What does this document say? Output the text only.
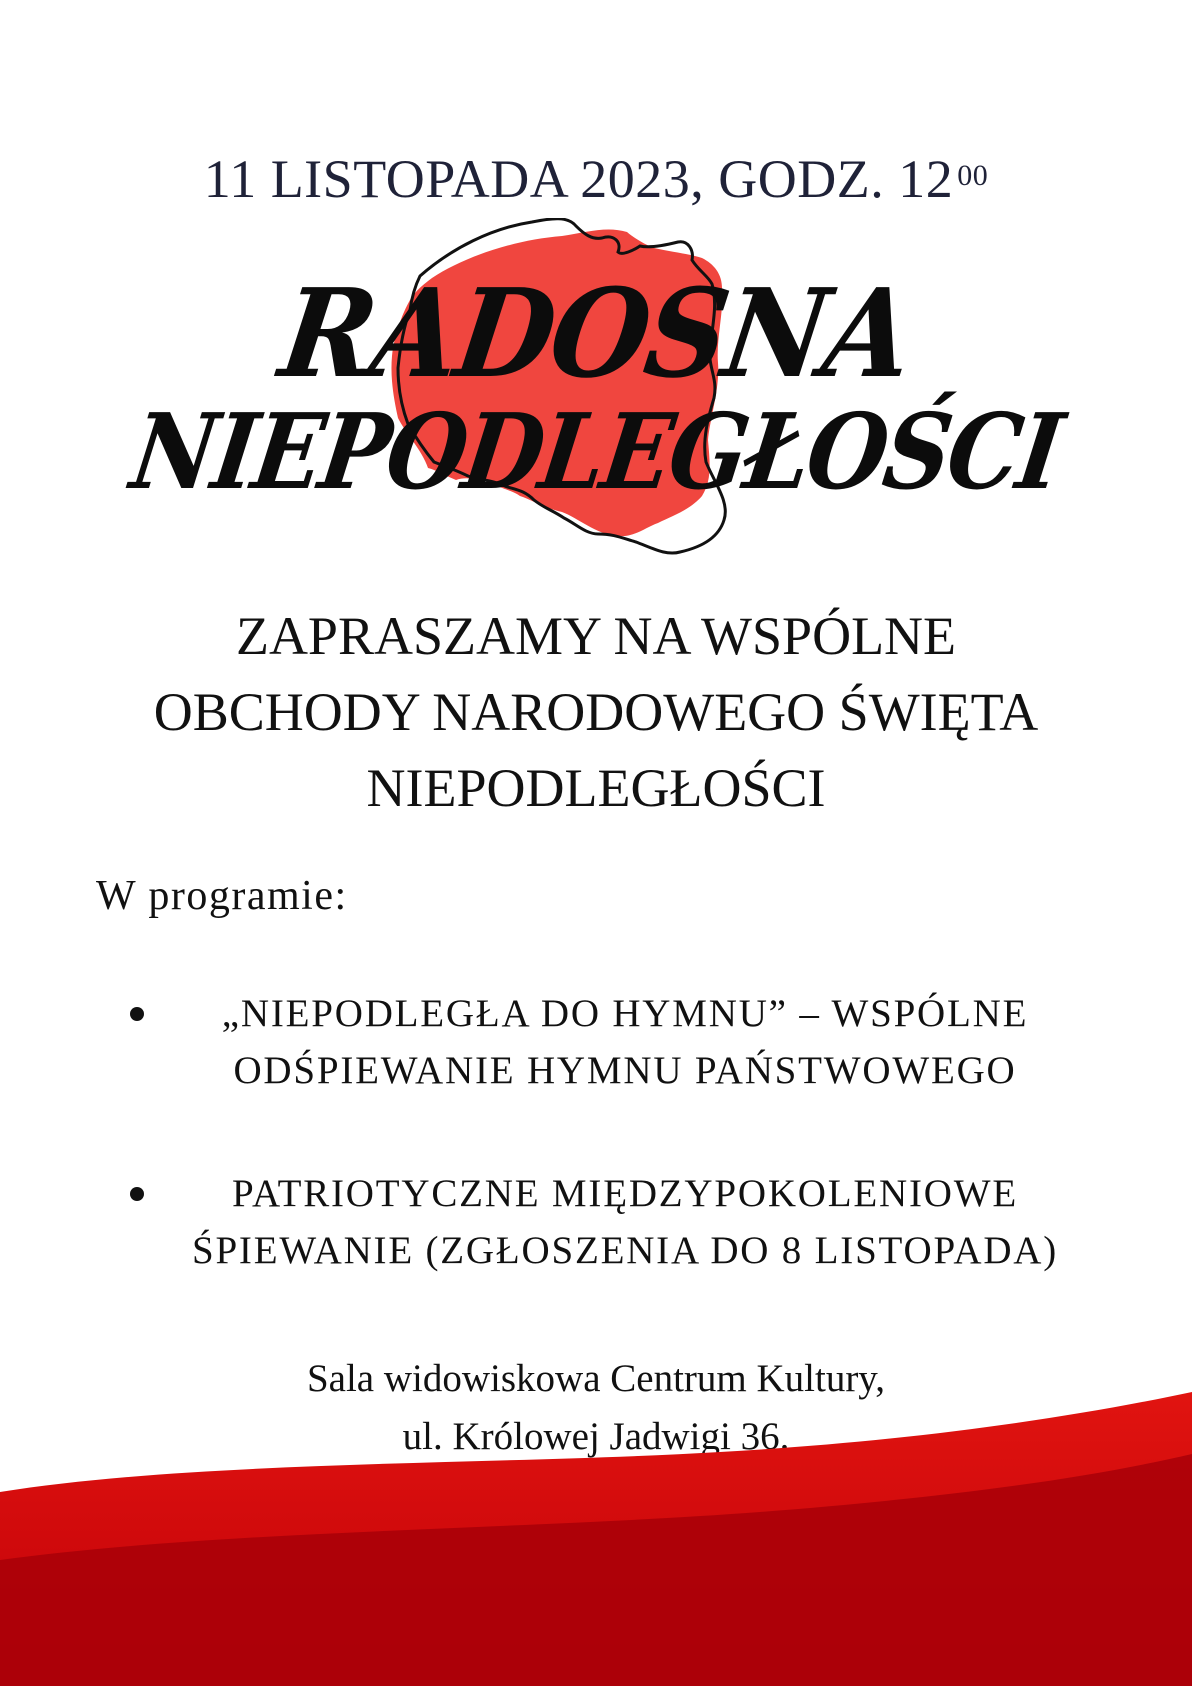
11 LISTOPADA 2023, GODZ. 12 $^{00}$
RADOSNA
NIEPODLEGŁOŚCI
ZAPRASZAMY NA WSPÓLNE
OBCHODY NARODOWEGO ŚWIĘTA
NIEPODLEGŁOŚCI
W programie:
„NIEPODLEGŁA DO HYMNU” – WSPÓLNE
ODŚPIEWANIE HYMNU PAŃSTWOWEGO
PATRIOTYCZNE MIĘDZYPOKOLENIOWE
ŚPIEWANIE (ZGŁOSZENIA DO 8 LISTOPADA)
Sala widowiskowa Centrum Kultury,
ul. Królowej Jadwigi 36.
